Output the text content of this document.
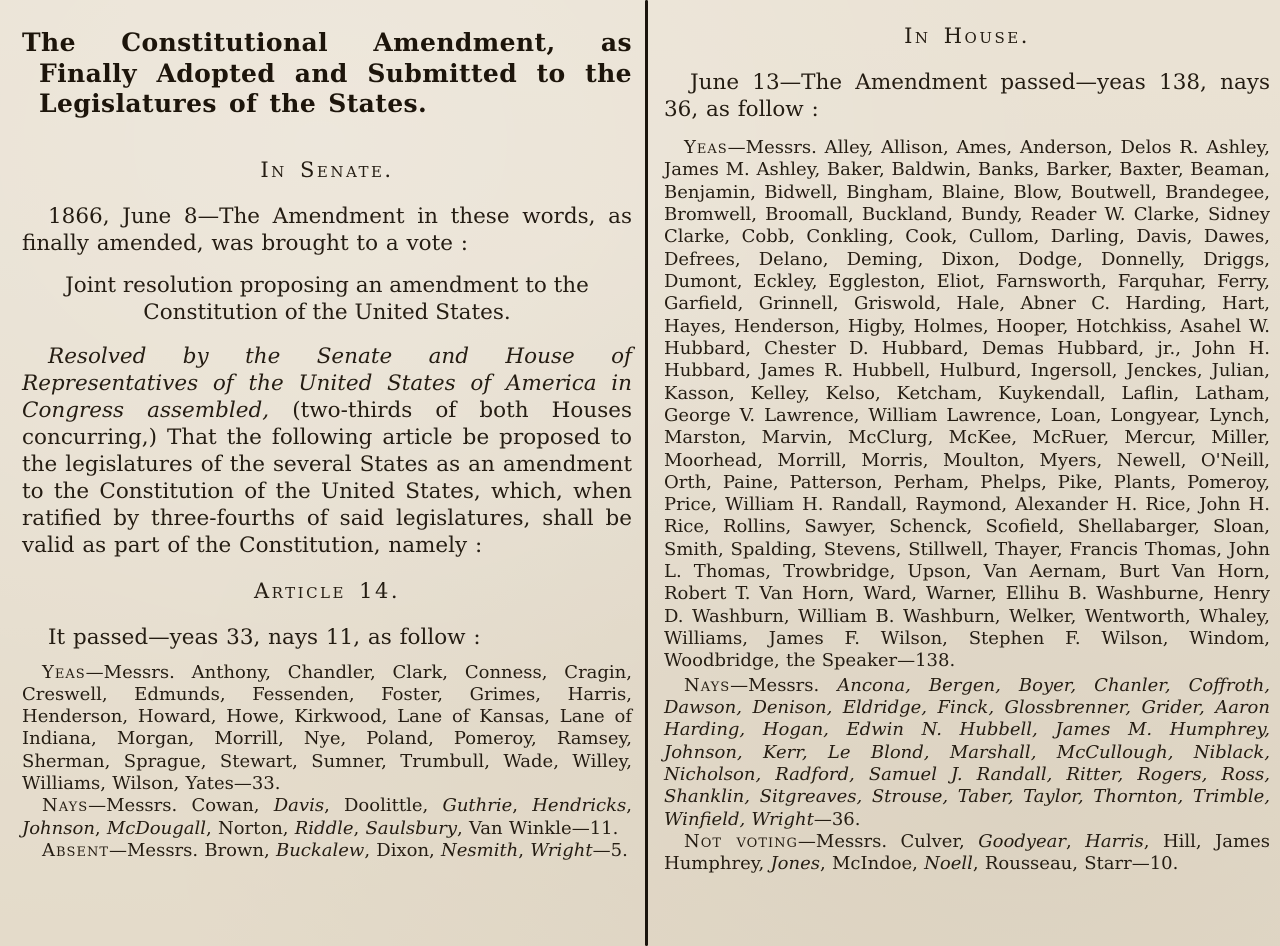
The Constitutional Amendment, as Finally Adopted and Submitted to the Legislatures of the States.

In Senate.

1866, June 8—The Amendment in these words, as finally amended, was brought to a vote :

Joint resolution proposing an amendment to the Constitution of the United States.

Resolved by the Senate and House of Representatives of the United States of America in Congress assembled, (two-thirds of both Houses concurring,) That the following article be proposed to the legislatures of the several States as an amendment to the Constitution of the United States, which, when ratified by three-fourths of said legislatures, shall be valid as part of the Constitution, namely :

Article 14.

It passed—yeas 33, nays 11, as follow :

Yeas—Messrs. Anthony, Chandler, Clark, Conness, Cragin, Creswell, Edmunds, Fessenden, Foster, Grimes, Harris, Henderson, Howard, Howe, Kirkwood, Lane of Kansas, Lane of Indiana, Morgan, Morrill, Nye, Poland, Pomeroy, Ramsey, Sherman, Sprague, Stewart, Sumner, Trumbull, Wade, Willey, Williams, Wilson, Yates—33.

Nays—Messrs. Cowan, Davis, Doolittle, Guthrie, Hendricks, Johnson, McDougall, Norton, Riddle, Saulsbury, Van Winkle—11.

Absent—Messrs. Brown, Buckalew, Dixon, Nesmith, Wright—5.

In House.

June 13—The Amendment passed—yeas 138, nays 36, as follow :

Yeas—Messrs. Alley, Allison, Ames, Anderson, Delos R. Ashley, James M. Ashley, Baker, Baldwin, Banks, Barker, Baxter, Beaman, Benjamin, Bidwell, Bingham, Blaine, Blow, Boutwell, Brandegee, Bromwell, Broomall, Buckland, Bundy, Reader W. Clarke, Sidney Clarke, Cobb, Conkling, Cook, Cullom, Darling, Davis, Dawes, Defrees, Delano, Deming, Dixon, Dodge, Donnelly, Driggs, Dumont, Eckley, Eggleston, Eliot, Farnsworth, Farquhar, Ferry, Garfield, Grinnell, Griswold, Hale, Abner C. Harding, Hart, Hayes, Henderson, Higby, Holmes, Hooper, Hotchkiss, Asahel W. Hubbard, Chester D. Hubbard, Demas Hubbard, jr., John H. Hubbard, James R. Hubbell, Hulburd, Ingersoll, Jenckes, Julian, Kasson, Kelley, Kelso, Ketcham, Kuykendall, Laflin, Latham, George V. Lawrence, William Lawrence, Loan, Longyear, Lynch, Marston, Marvin, McClurg, McKee, McRuer, Mercur, Miller, Moorhead, Morrill, Morris, Moulton, Myers, Newell, O'Neill, Orth, Paine, Patterson, Perham, Phelps, Pike, Plants, Pomeroy, Price, William H. Randall, Raymond, Alexander H. Rice, John H. Rice, Rollins, Sawyer, Schenck, Scofield, Shellabarger, Sloan, Smith, Spalding, Stevens, Stillwell, Thayer, Francis Thomas, John L. Thomas, Trowbridge, Upson, Van Aernam, Burt Van Horn, Robert T. Van Horn, Ward, Warner, Ellihu B. Washburne, Henry D. Washburn, William B. Washburn, Welker, Wentworth, Whaley, Williams, James F. Wilson, Stephen F. Wilson, Windom, Woodbridge, the Speaker—138.

Nays—Messrs. Ancona, Bergen, Boyer, Chanler, Coffroth, Dawson, Denison, Eldridge, Finck, Glossbrenner, Grider, Aaron Harding, Hogan, Edwin N. Hubbell, James M. Humphrey, Johnson, Kerr, Le Blond, Marshall, McCullough, Niblack, Nicholson, Radford, Samuel J. Randall, Ritter, Rogers, Ross, Shanklin, Sitgreaves, Strouse, Taber, Taylor, Thornton, Trimble, Winfield, Wright—36.

Not voting—Messrs. Culver, Goodyear, Harris, Hill, James Humphrey, Jones, McIndoe, Noell, Rousseau, Starr—10.
